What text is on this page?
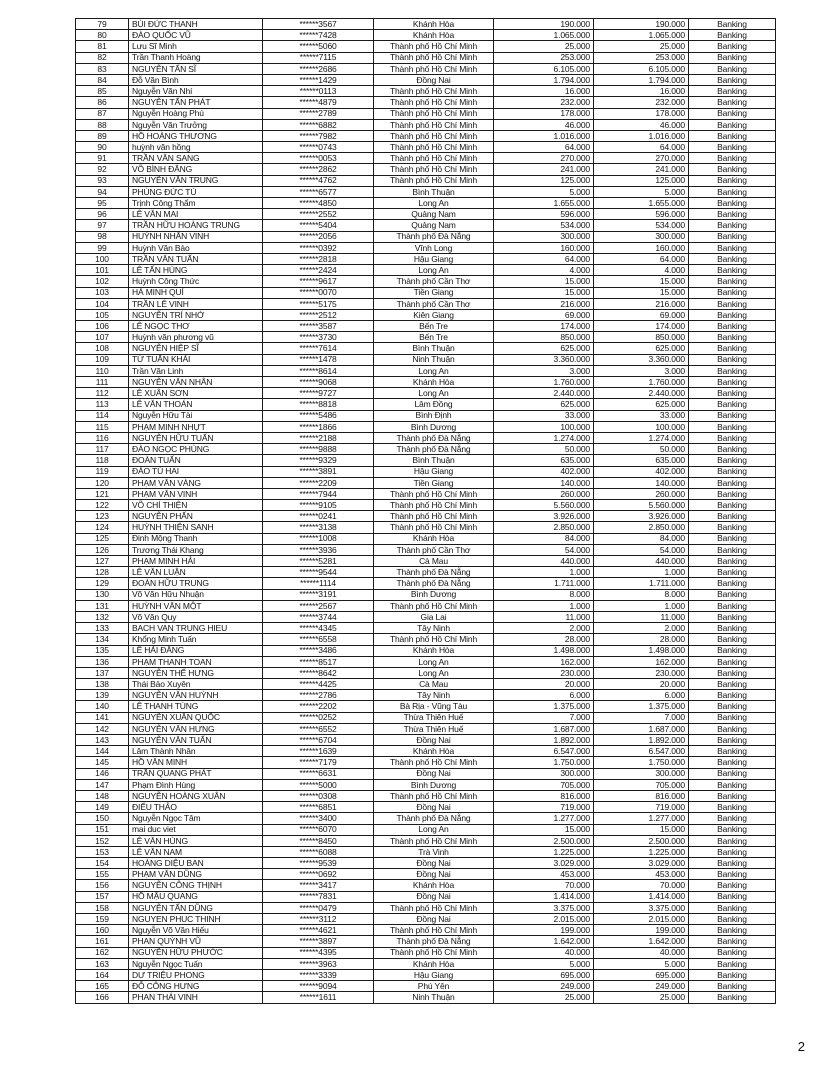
79	BÙI ĐỨC THANH	******3567	Khánh Hòa	190.000	190.000	Banking
80	ĐÀO QUỐC VŨ	******7428	Khánh Hòa	1.065.000	1.065.000	Banking
81	Lưu Sĩ Minh	******5060	Thành phố Hồ Chí Minh	25.000	25.000	Banking
82	Trần Thanh Hoàng	******7115	Thành phố Hồ Chí Minh	253.000	253.000	Banking
83	NGUYỄN TẤN SĨ	******2686	Thành phố Hồ Chí Minh	6.105.000	6.105.000	Banking
84	Đỗ Văn Bình	******1429	Đồng Nai	1.794.000	1.794.000	Banking
85	Nguyễn Văn Nhí	******0113	Thành phố Hồ Chí Minh	16.000	16.000	Banking
86	NGUYỄN TẤN PHÁT	******4879	Thành phố Hồ Chí Minh	232.000	232.000	Banking
87	Nguyễn Hoàng Phú	******2789	Thành phố Hồ Chí Minh	178.000	178.000	Banking
88	Nguyễn Văn Trưởng	******6882	Thành phố Hồ Chí Minh	46.000	46.000	Banking
89	HỒ HOÀNG THƯƠNG	******7982	Thành phố Hồ Chí Minh	1.016.000	1.016.000	Banking
90	huỳnh văn hồng	******0743	Thành phố Hồ Chí Minh	64.000	64.000	Banking
91	TRẦN VĂN SANG	******0053	Thành phố Hồ Chí Minh	270.000	270.000	Banking
92	VÕ BÌNH ĐẲNG	******2862	Thành phố Hồ Chí Minh	241.000	241.000	Banking
93	NGUYỄN VĂN TRUNG	******4762	Thành phố Hồ Chí Minh	125.000	125.000	Banking
94	PHÙNG ĐỨC TÚ	******6577	Bình Thuận	5.000	5.000	Banking
95	Trịnh Công Thẩm	******4850	Long An	1.655.000	1.655.000	Banking
96	LÊ VĂN MAI	******2552	Quảng Nam	596.000	596.000	Banking
97	TRẦN HỮU HOÀNG TRUNG	******5404	Quảng Nam	534.000	534.000	Banking
98	HUỲNH NHẪN VINH	******2056	Thành phố Đà Nẵng	300.000	300.000	Banking
99	Huỳnh Văn Bảo	******0392	Vĩnh Long	160.000	160.000	Banking
100	TRẦN VĂN TUẤN	******2818	Hậu Giang	64.000	64.000	Banking
101	LÊ TẤN HÙNG	******2424	Long An	4.000	4.000	Banking
102	Huỳnh Công Thức	******9617	Thành phố Cần Thơ	15.000	15.000	Banking
103	HÀ MINH QUÍ	******0070	Tiền Giang	15.000	15.000	Banking
104	TRẦN LÊ VINH	******5175	Thành phố Cần Thơ	216.000	216.000	Banking
105	NGUYỄN TRÍ NHỚ	******2512	Kiên Giang	69.000	69.000	Banking
106	LÊ NGỌC THƠ	******3587	Bến Tre	174.000	174.000	Banking
107	Huỳnh văn phương vũ	******3730	Bến Tre	850.000	850.000	Banking
108	NGUYỄN HIỆP SĨ	******7614	Bình Thuận	625.000	625.000	Banking
109	TỪ TUẤN KHẢI	******1478	Ninh Thuận	3.360.000	3.360.000	Banking
110	Trần Văn Linh	******8614	Long An	3.000	3.000	Banking
111	NGUYỄN VĂN NHÂN	******9068	Khánh Hòa	1.760.000	1.760.000	Banking
112	LÊ XUÂN SƠN	******9727	Long An	2.440.000	2.440.000	Banking
113	LÊ VĂN THOÁN	******8818	Lâm Đồng	625.000	625.000	Banking
114	Nguyễn Hữu Tài	******5486	Bình Định	33.000	33.000	Banking
115	PHẠM MINH NHỰT	******1866	Bình Dương	100.000	100.000	Banking
116	NGUYỄN HỮU TUẤN	******2188	Thành phố Đà Nẵng	1.274.000	1.274.000	Banking
117	ĐÀO NGỌC PHÙNG	******9888	Thành phố Đà Nẵng	50.000	50.000	Banking
118	ĐOÀN TUẤN	******9329	Bình Thuận	635.000	635.000	Banking
119	ĐÀO TÚ HAI	******3891	Hậu Giang	402.000	402.000	Banking
120	PHẠM VĂN VÀNG	******2209	Tiền Giang	140.000	140.000	Banking
121	PHẠM VĂN VINH	******7944	Thành phố Hồ Chí Minh	260.000	260.000	Banking
122	VÕ CHÍ THIỆN	******9105	Thành phố Hồ Chí Minh	5.560.000	5.560.000	Banking
123	NGUYỄN PHẤN	******0241	Thành phố Hồ Chí Minh	3.926.000	3.926.000	Banking
124	HUỲNH THIỆN SANH	******3138	Thành phố Hồ Chí Minh	2.850.000	2.850.000	Banking
125	Đinh Mộng Thanh	******1008	Khánh Hòa	84.000	84.000	Banking
126	Trương Thái Khang	******3936	Thành phố Cần Thơ	54.000	54.000	Banking
127	PHẠM MINH HẢI	******5281	Cà Mau	440.000	440.000	Banking
128	LÊ VĂN LUẬN	******9544	Thành phố Đà Nẵng	1.000	1.000	Banking
129	ĐOÀN HỮU TRUNG	******1114	Thành phố Đà Nẵng	1.711.000	1.711.000	Banking
130	Võ Văn Hữu Nhuận	******3191	Bình Dương	8.000	8.000	Banking
131	HUỲNH VĂN MỘT	******2567	Thành phố Hồ Chí Minh	1.000	1.000	Banking
132	Võ Văn Quy	******3744	Gia Lai	11.000	11.000	Banking
133	BACH VAN TRUNG HIEU	******4345	Tây Ninh	2.000	2.000	Banking
134	Khổng Minh Tuấn	******6558	Thành phố Hồ Chí Minh	28.000	28.000	Banking
135	LÊ HẢI ĐĂNG	******3486	Khánh Hòa	1.498.000	1.498.000	Banking
136	PHẠM THANH TOAN	******8517	Long An	162.000	162.000	Banking
137	NGUYỄN THẾ HƯNG	******8642	Long An	230.000	230.000	Banking
138	Thái Bảo Xuyên	******4425	Cà Mau	20.000	20.000	Banking
139	NGUYỄN VĂN HUỲNH	******2786	Tây Ninh	6.000	6.000	Banking
140	LÊ THANH TÙNG	******2202	Bà Rịa - Vũng Tàu	1.375.000	1.375.000	Banking
141	NGUYỄN XUÂN QUỐC	******0252	Thừa Thiên Huế	7.000	7.000	Banking
142	NGUYỄN VĂN HƯNG	******6552	Thừa Thiên Huế	1.687.000	1.687.000	Banking
143	NGUYỄN VĂN TUẤN	******6704	Đồng Nai	1.892.000	1.892.000	Banking
144	Lâm Thành Nhân	******1639	Khánh Hòa	6.547.000	6.547.000	Banking
145	HỒ VĂN MINH	******7179	Thành phố Hồ Chí Minh	1.750.000	1.750.000	Banking
146	TRẦN QUANG PHÁT	******6631	Đồng Nai	300.000	300.000	Banking
147	Phạm Đình Hùng	******5000	Bình Dương	705.000	705.000	Banking
148	NGUYỄN HOÀNG XUÂN	******0308	Thành phố Hồ Chí Minh	816.000	816.000	Banking
149	ĐIỂU THẢO	******6851	Đồng Nai	719.000	719.000	Banking
150	Nguyễn Ngọc Tâm	******3400	Thành phố Đà Nẵng	1.277.000	1.277.000	Banking
151	mai duc viet	******6070	Long An	15.000	15.000	Banking
152	LÊ VĂN HÙNG	******8450	Thành phố Hồ Chí Minh	2.500.000	2.500.000	Banking
153	LÊ VĂN NAM	******6088	Trà Vinh	1.225.000	1.225.000	Banking
154	HOÀNG DIỆU BAN	******9539	Đồng Nai	3.029.000	3.029.000	Banking
155	PHẠM VĂN DŨNG	******0692	Đồng Nai	453.000	453.000	Banking
156	NGUYỄN CÔNG THỊNH	******3417	Khánh Hòa	70.000	70.000	Banking
157	HỒ MẬU QUANG	******7831	Đồng Nai	1.414.000	1.414.000	Banking
158	NGUYỄN TẤN DŨNG	******0479	Thành phố Hồ Chí Minh	3.375.000	3.375.000	Banking
159	NGUYEN PHUC THINH	******3112	Đồng Nai	2.015.000	2.015.000	Banking
160	Nguyễn Võ Văn Hiếu	******4621	Thành phố Hồ Chí Minh	199.000	199.000	Banking
161	PHAN QUỲNH VŨ	******3897	Thành phố Đà Nẵng	1.642.000	1.642.000	Banking
162	NGUYỄN HỮU PHƯỚC	******4395	Thành phố Hồ Chí Minh	40.000	40.000	Banking
163	Nguyễn Ngọc Tuấn	******3963	Khánh Hòa	5.000	5.000	Banking
164	DƯ TRIỆU PHONG	******3339	Hậu Giang	695.000	695.000	Banking
165	ĐỖ CÔNG HƯNG	******9094	Phú Yên	249.000	249.000	Banking
166	PHAN THÁI VINH	******1611	Ninh Thuận	25.000	25.000	Banking
2
